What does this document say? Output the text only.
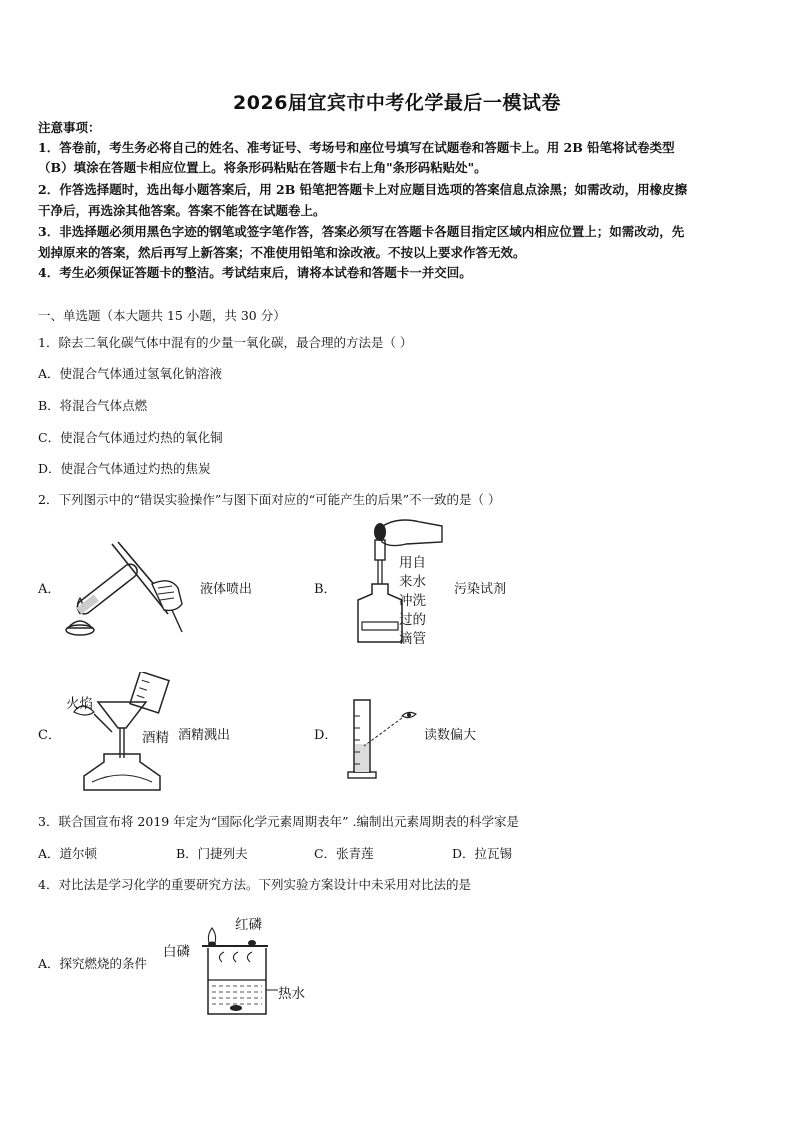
2026届宜宾市中考化学最后一模试卷
注意事项：
1．答卷前，考生务必将自己的姓名、准考证号、考场号和座位号填写在试题卷和答题卡上。用 2B 铅笔将试卷类型
（B）填涂在答题卡相应位置上。将条形码粘贴在答题卡右上角"条形码粘贴处"。
2．作答选择题时，选出每小题答案后，用 2B 铅笔把答题卡上对应题目选项的答案信息点涂黑；如需改动，用橡皮擦
干净后，再选涂其他答案。答案不能答在试题卷上。
3．非选择题必须用黑色字迹的钢笔或签字笔作答，答案必须写在答题卡各题目指定区域内相应位置上；如需改动，先
划掉原来的答案，然后再写上新答案；不准使用铅笔和涂改液。不按以上要求作答无效。
4．考生必须保证答题卡的整洁。考试结束后，请将本试卷和答题卡一并交回。
一、单选题（本大题共 15 小题，共 30 分）
1．除去二氧化碳气体中混有的少量一氧化碳，最合理的方法是（ ）
A．使混合气体通过氢氧化钠溶液
B．将混合气体点燃
C．使混合气体通过灼热的氧化铜
D．使混合气体通过灼热的焦炭
2．下列图示中的“错误实验操作”与图下面对应的“可能产生的后果”不一致的是（ ）
A．	液体喷出	B．
用自
来水
冲洗
过的
滴管
污染试剂
C．
火焰
酒精 酒精溅出	D．	读数偏大
3．联合国宣布将 2019 年定为“国际化学元素周期表年” .编制出元素周期表的科学家是
A．道尔顿	B．门捷列夫	C．张青莲	D．拉瓦锡
4．对比法是学习化学的重要研究方法。下列实验方案设计中未采用对比法的是
A．探究燃烧的条件
红磷
白磷
热水
